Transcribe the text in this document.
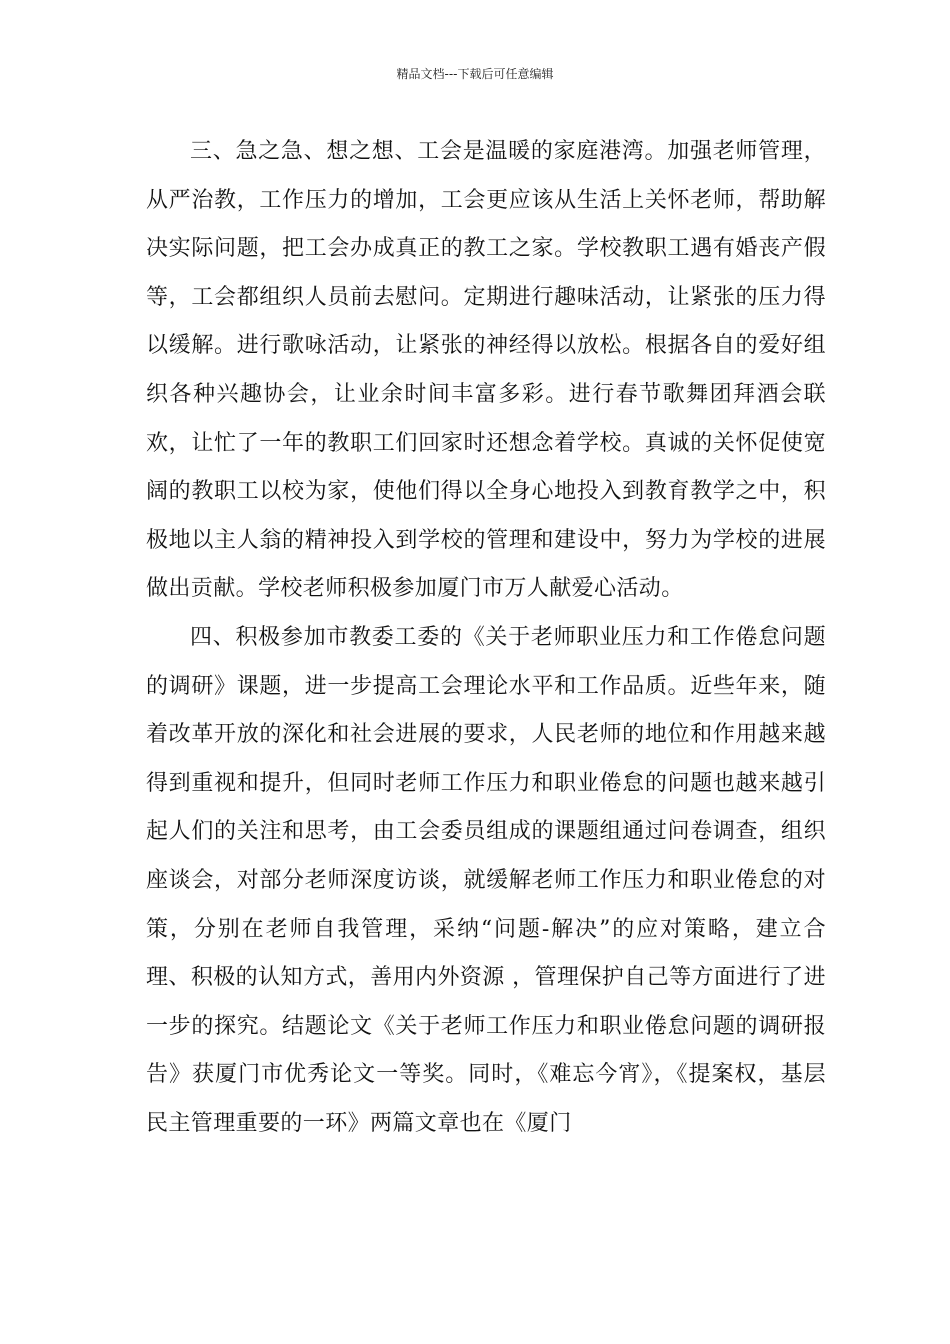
精品文档---下载后可任意编辑

三、急之急、想之想、工会是温暖的家庭港湾。加强老师管理，从严治教，工作压力的增加，工会更应该从生活上关怀老师，帮助解决实际问题，把工会办成真正的教工之家。学校教职工遇有婚丧产假等，工会都组织人员前去慰问。定期进行趣味活动，让紧张的压力得以缓解。进行歌咏活动，让紧张的神经得以放松。根据各自的爱好组织各种兴趣协会，让业余时间丰富多彩。进行春节歌舞团拜酒会联欢，让忙了一年的教职工们回家时还想念着学校。真诚的关怀促使宽阔的教职工以校为家，使他们得以全身心地投入到教育教学之中，积极地以主人翁的精神投入到学校的管理和建设中，努力为学校的进展做出贡献。学校老师积极参加厦门市万人献爱心活动。

四、积极参加市教委工委的《关于老师职业压力和工作倦怠问题的调研》课题，进一步提高工会理论水平和工作品质。近些年来，随着改革开放的深化和社会进展的要求，人民老师的地位和作用越来越得到重视和提升，但同时老师工作压力和职业倦怠的问题也越来越引起人们的关注和思考，由工会委员组成的课题组通过问卷调查，组织座谈会，对部分老师深度访谈，就缓解老师工作压力和职业倦怠的对策，分别在老师自我管理，采纳“问题-解决”的应对策略，建立合理、积极的认知方式，善用内外资源 ，管理保护自己等方面进行了进一步的探究。结题论文《关于老师工作压力和职业倦怠问题的调研报告》获厦门市优秀论文一等奖。同时，《难忘今宵》，《提案权，基层民主管理重要的一环》两篇文章也在《厦门
